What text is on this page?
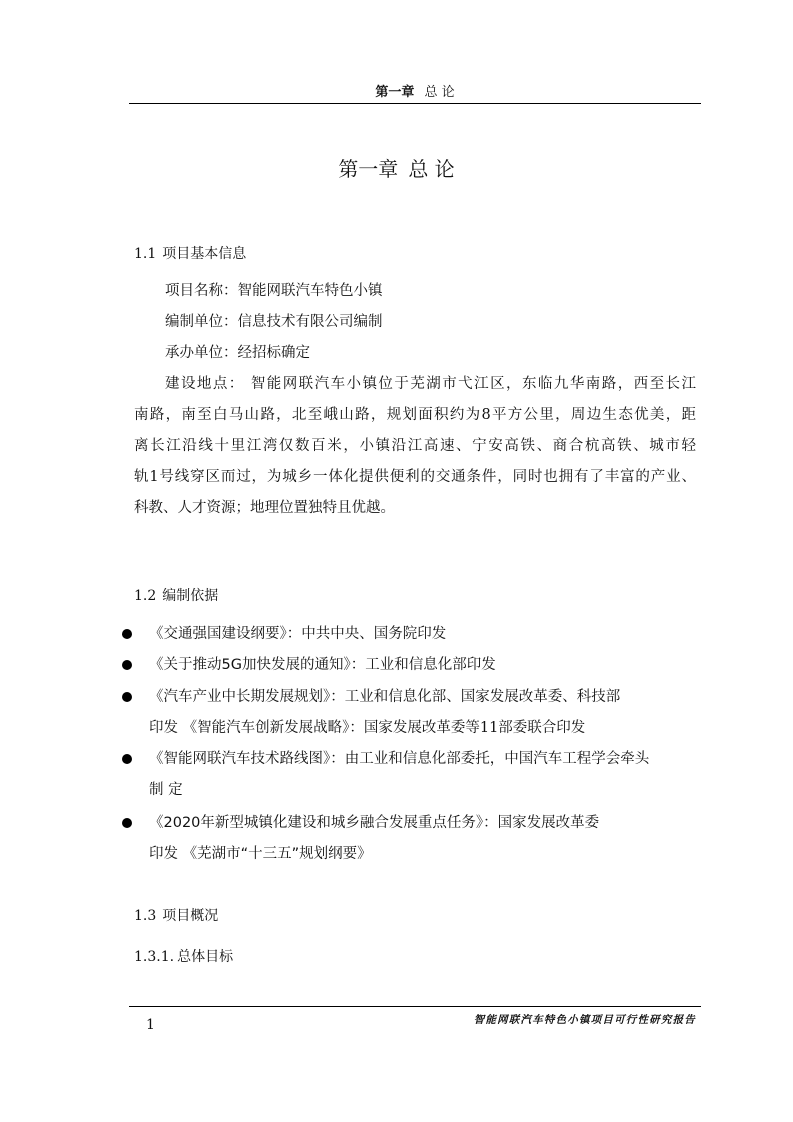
第一章 总 论
第一章 总 论
1.1 项目基本信息
项目名称：智能网联汽车特色小镇
编制单位：信息技术有限公司编制
承办单位：经招标确定
建设地点： 智能网联汽车小镇位于芜湖市弋江区，东临九华南路，西至长江
南路，南至白马山路，北至峨山路，规划面积约为8平方公里，周边生态优美，距
离长江沿线十里江湾仅数百米，小镇沿江高速、宁安高铁、商合杭高铁、城市轻
轨1号线穿区而过，为城乡一体化提供便利的交通条件，同时也拥有了丰富的产业、
科教、人才资源；地理位置独特且优越。
1.2 编制依据
《交通强国建设纲要》：中共中央、国务院印发
《关于推动5G加快发展的通知》：工业和信息化部印发
《汽车产业中长期发展规划》：工业和信息化部、国家发展改革委、科技部
印发 《智能汽车创新发展战略》：国家发展改革委等11部委联合印发
《智能网联汽车技术路线图》：由工业和信息化部委托，中国汽车工程学会牵头
制 定
《2020年新型城镇化建设和城乡融合发展重点任务》：国家发展改革委
印发 《芜湖市“十三五”规划纲要》
1.3 项目概况
1.3.1. 总体目标
1	智能网联汽车特色小镇项目可行性研究报告
